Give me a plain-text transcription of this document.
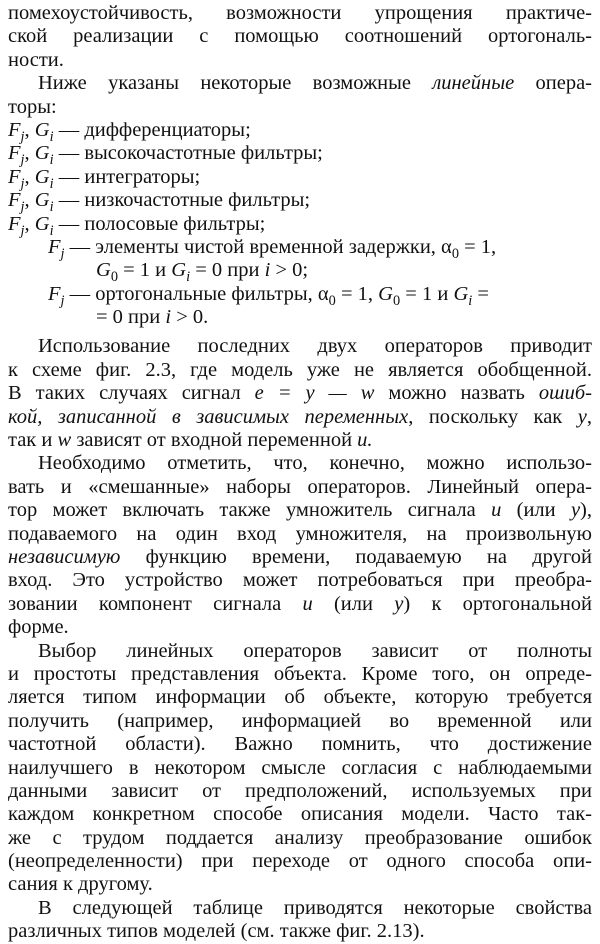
помехоустойчивость, возможности упрощения практиче-
ской реализации с помощью соотношений ортогональ-
ности.
Ниже указаны некоторые возможные линейные опера-
торы:
$F_j$, $G_i$ — дифференциаторы;
$F_j$, $G_i$ — высокочастотные фильтры;
$F_j$, $G_i$ — интеграторы;
$F_j$, $G_i$ — низкочастотные фильтры;
$F_j$, $G_i$ — полосовые фильтры;
$F_j$ — элементы чистой временной задержки, $\alpha_0 = 1$,
$G_0 = 1$ и $G_i = 0$ при i > 0;
$F_j$ — ортогональные фильтры, $\alpha_0 = 1$, $G_0 = 1$ и $G_i$ =
= 0 при i > 0.
Использование последних двух операторов приводит
к схеме фиг. 2.3, где модель уже не является обобщенной.
В таких случаях сигнал e = y — w можно назвать ошиб-
кой, записанной в зависимых переменных, поскольку как y,
так и w зависят от входной переменной u.
Необходимо отметить, что, конечно, можно использо-
вать и «смешанные» наборы операторов. Линейный опера-
тор может включать также умножитель сигнала u (или y),
подаваемого на один вход умножителя, на произвольную
независимую функцию времени, подаваемую на другой
вход. Это устройство может потребоваться при преобра-
зовании компонент сигнала u (или y) к ортогональной
форме.
Выбор линейных операторов зависит от полноты
и простоты представления объекта. Кроме того, он опреде-
ляется типом информации об объекте, которую требуется
получить (например, информацией во временной или
частотной области). Важно помнить, что достижение
наилучшего в некотором смысле согласия с наблюдаемыми
данными зависит от предположений, используемых при
каждом конкретном способе описания модели. Часто так-
же с трудом поддается анализу преобразование ошибок
(неопределенности) при переходе от одного способа опи-
сания к другому.
В следующей таблице приводятся некоторые свойства
различных типов моделей (см. также фиг. 2.13).
